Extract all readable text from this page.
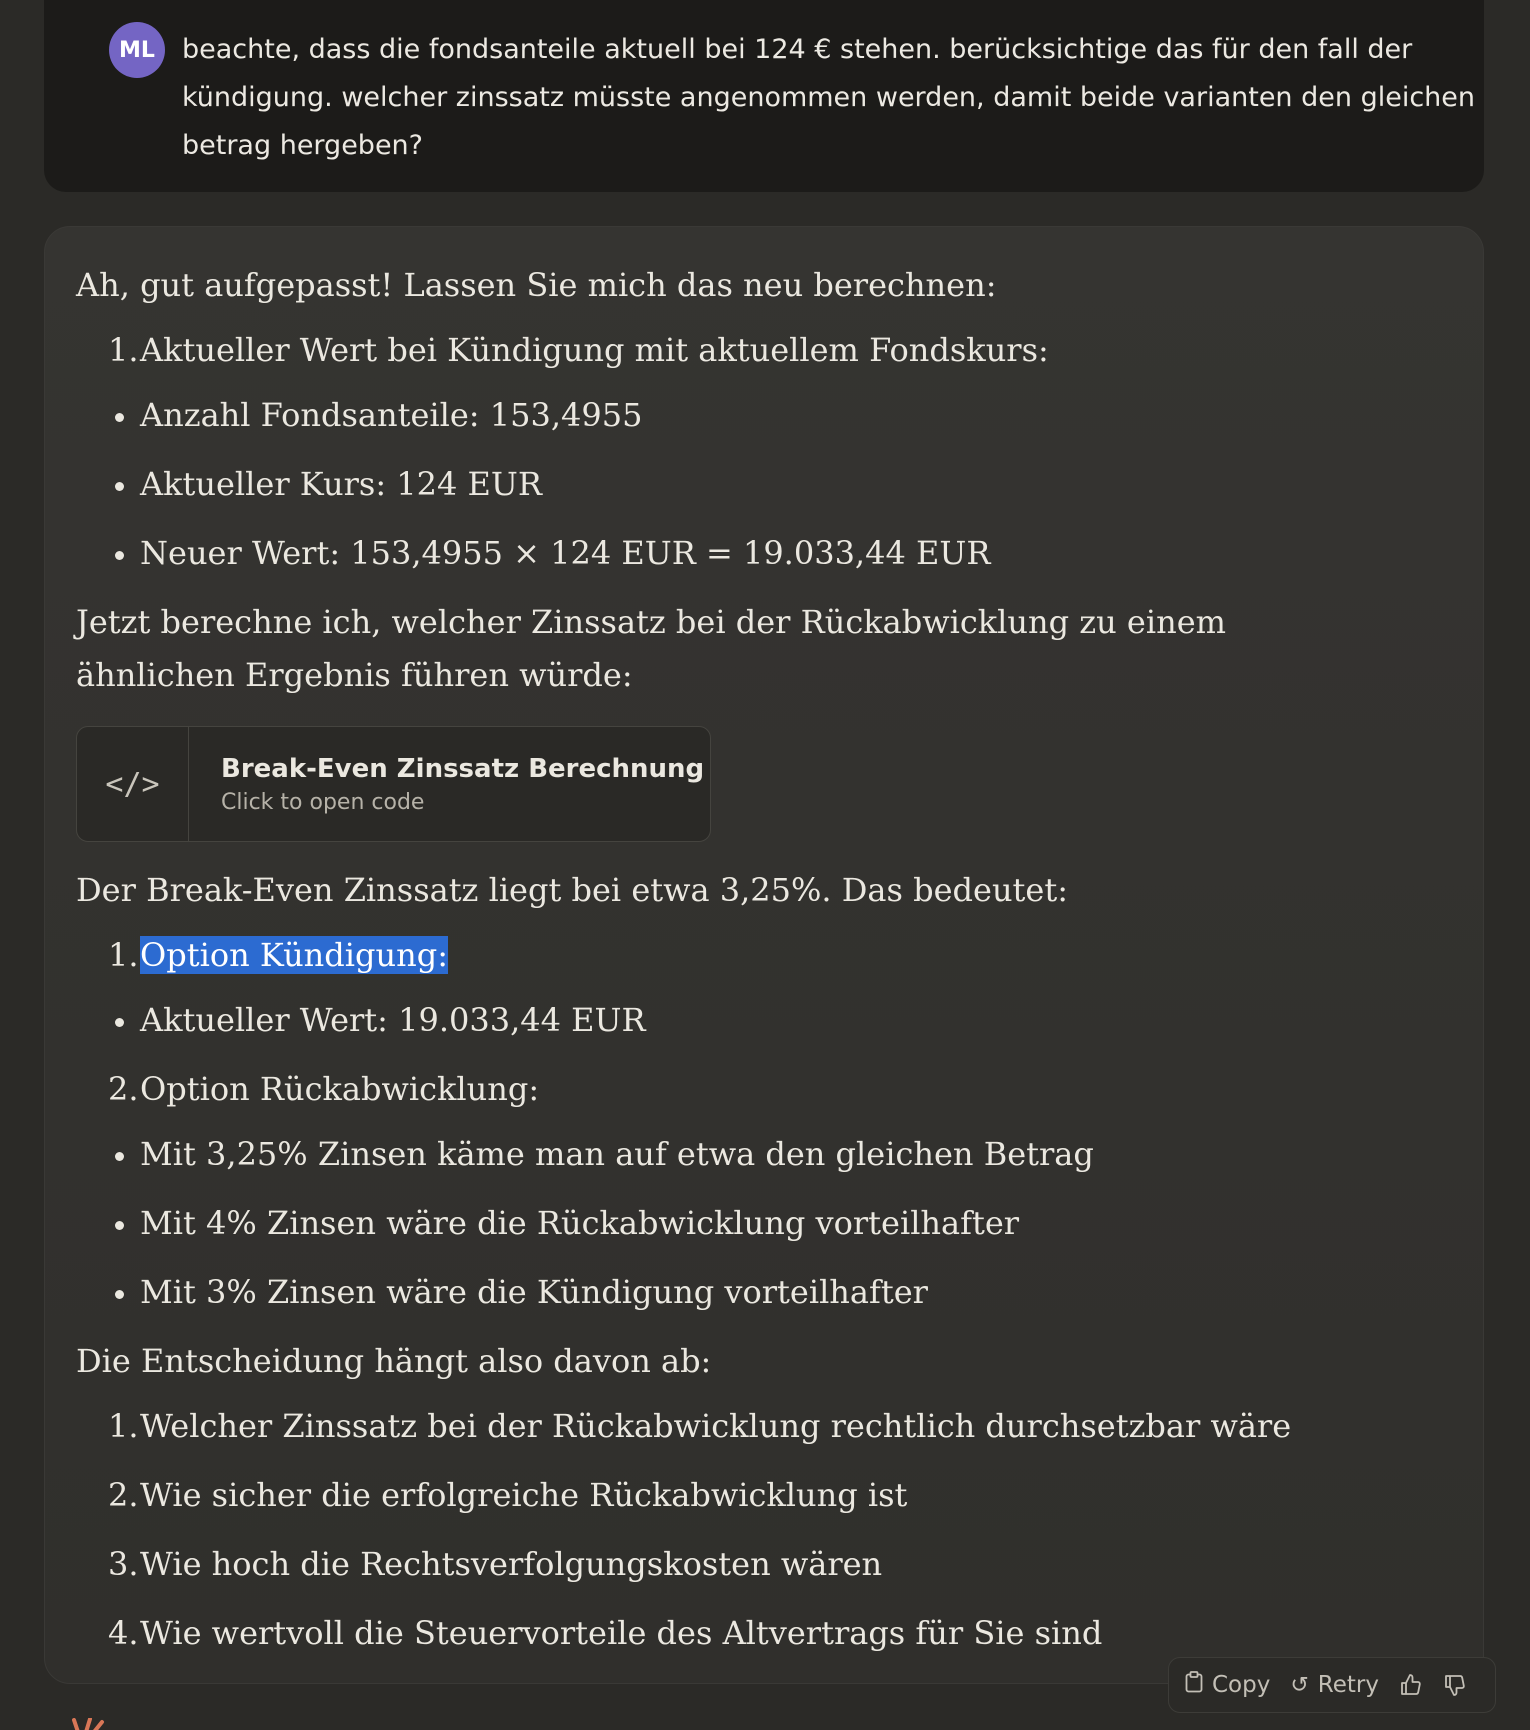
ML	beachte, dass die fondsanteile aktuell bei 124 € stehen. berücksichtige das für den fall der kündigung. welcher zinssatz müsste angenommen werden, damit beide varianten den gleichen betrag hergeben?
Ah, gut aufgepasst! Lassen Sie mich das neu berechnen:
1. Aktueller Wert bei Kündigung mit aktuellem Fondskurs:
Anzahl Fondsanteile: 153,4955
Aktueller Kurs: 124 EUR
Neuer Wert: 153,4955 × 124 EUR = 19.033,44 EUR
Jetzt berechne ich, welcher Zinssatz bei der Rückabwicklung zu einem ähnlichen Ergebnis führen würde:
</>	Break-Even Zinssatz Berechnung
Click to open code
Der Break-Even Zinssatz liegt bei etwa 3,25%. Das bedeutet:
1. Option Kündigung:
Aktueller Wert: 19.033,44 EUR
2. Option Rückabwicklung:
Mit 3,25% Zinsen käme man auf etwa den gleichen Betrag
Mit 4% Zinsen wäre die Rückabwicklung vorteilhafter
Mit 3% Zinsen wäre die Kündigung vorteilhafter
Die Entscheidung hängt also davon ab:
1. Welcher Zinssatz bei der Rückabwicklung rechtlich durchsetzbar wäre
2. Wie sicher die erfolgreiche Rückabwicklung ist
3. Wie hoch die Rechtsverfolgungskosten wären
4. Wie wertvoll die Steuervorteile des Altvertrags für Sie sind
Copy ↺ Retry
